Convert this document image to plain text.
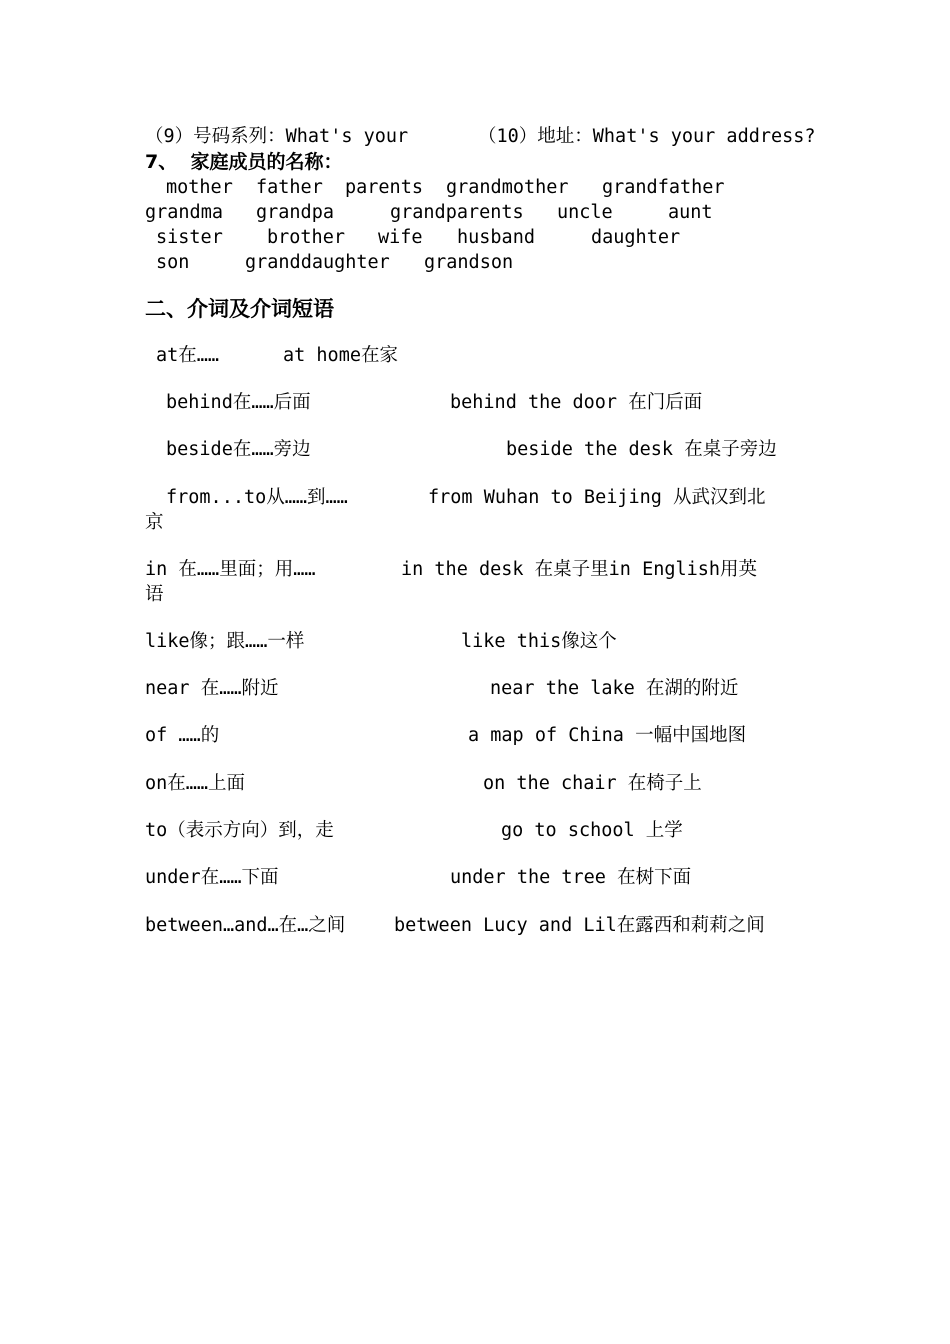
（9）号码系列：What's your	（10）地址：What's your address?
7、  家庭成员的名称：
mother father parents grandmother grandfather
grandma grandpa	grandparents uncle	aunt
sister brother wife husband	daughter
son	granddaughter grandson
二、介词及介词短语
at在……	at home在家
behind在……后面	behind the door 在门后面
beside在……旁边	beside the desk 在桌子旁边
from...to从……到……	from Wuhan to Beijing 从武汉到北
京
in 在……里面；用……	in the desk 在桌子里in English用英
语
like像；跟……一样	like this像这个
near 在……附近	near the lake 在湖的附近
of ……的	a map of China 一幅中国地图
on在……上面	on the chair 在椅子上
to（表示方向）到，走	go to school 上学
under在……下面	under the tree 在树下面
between…and…在…之间	between Lucy and Lil在露西和莉莉之间
